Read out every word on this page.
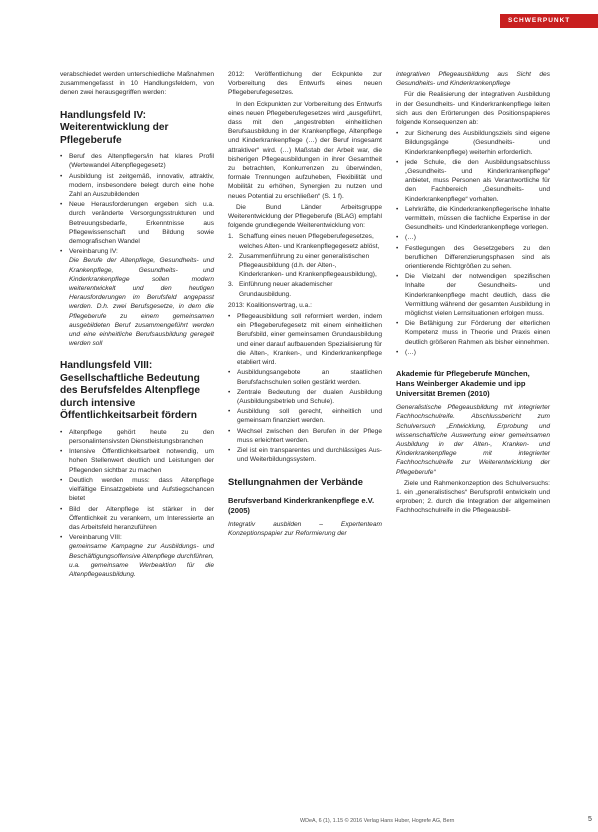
SCHWERPUNKT

verabschiedet werden unterschiedliche Maßnahmen zusammengefasst in 10 Handlungsfeldern, von denen zwei herausgegriffen werden:

Handlungsfeld IV: Weiterentwicklung der Pflegeberufe
• Beruf des Altenpflegers/in hat klares Profil (Wertewandel Altenpflegegesetz)
• Ausbildung ist zeitgemäß, innovativ, attraktiv, modern, insbesondere belegt durch eine hohe Zahl an Auszubildenden
• Neue Herausforderungen ergeben sich u.a. durch veränderte Versorgungsstrukturen und Betreuungsbedarfe, Erkenntnisse aus Pflegewissenschaft und Bildung sowie demografischen Wandel
• Vereinbarung IV:
Die Berufe der Altenpflege, Gesundheits- und Krankenpflege, Gesundheits- und Kinderkrankenpflege sollen modern weiterentwickelt und den heutigen Herausforderungen im Berufsfeld angepasst werden. D.h. zwei Berufsgesetze, in dem die Pflegeberufe zu einem gemeinsamen ausgebildeten Beruf zusammengeführt werden und eine einheitliche Berufsausbildung geregelt werden soll
Handlungsfeld VIII: Gesellschaftliche Bedeutung des Berufsfeldes Altenpflege durch intensive Öffentlichkeitsarbeit fördern
• Altenpflege gehört heute zu den personalintensivsten Dienstleistungsbranchen
• Intensive Öffentlichkeitsarbeit notwendig, um hohen Stellenwert deutlich und Leistungen der Pflegenden sichtbar zu machen
• Deutlich werden muss: dass Altenpflege vielfältige Einsatzgebiete und Aufstiegschancen bietet
• Bild der Altenpflege ist stärker in der Öffentlichkeit zu verankern, um Interessierte an das Arbeitsfeld heranzuführen
• Vereinbarung VIII:
gemeinsame Kampagne zur Ausbildungs- und Beschäftigungsoffensive Altenpflege durchführen, u.a. gemeinsame Werbeaktion für die Altenpflegeausbildung.

2012: Veröffentlichung der Eckpunkte zur Vorbereitung des Entwurfs eines neuen Pflegeberufegesetzes.

In den Eckpunkten zur Vorbereitung des Entwurfs eines neuen Pflegeberufegesetzes wird „ausgeführt, dass mit den „angestrebten einheitlichen Berufsausbildung in der Krankenpflege, Altenpflege und Kinderkrankenpflege (…) der Beruf insgesamt attraktiver“ wird. (…) Maßstab der Arbeit war, die bisherigen Pflegeausbildungen in ihrer Gesamtheit zu betrachten, Konkurrenzen zu überwinden, formale Trennungen aufzuheben, Flexibilität und Mobilität zu erhöhen, Synergien zu nutzen und neues Potential zu erschließen“ (S. 1 f).

Die Bund Länder Arbeitsgruppe Weiterentwicklung der Pflegeberufe (BLAG) empfahl folgende grundlegende Weiterentwicklung von:

1. Schaffung eines neuen Pflegeberufegesetzes, welches Alten- und Krankenpflegegesetz ablöst,
2. Zusammenführung zu einer generalistischen Pflegeausbildung (d.h. der Alten-, Kinderkranken- und Krankenpflegeausbildung),
3. Einführung neuer akademischer Grundausbildung.

2013: Koalitionsvertrag, u.a.:

• Pflegeausbildung soll reformiert werden, indem ein Pflegeberufegesetz mit einem einheitlichen Berufsbild, einer gemeinsamen Grundausbildung und einer darauf aufbauenden Spezialisierung für die Alten-, Kranken-, und Kinderkrankenpflege etabliert wird.
• Ausbildungsangebote an staatlichen Berufsfachschulen sollen gestärkt werden.
• Zentrale Bedeutung der dualen Ausbildung (Ausbildungsbetrieb und Schule).
• Ausbildung soll gerecht, einheitlich und gemeinsam finanziert werden.
• Wechsel zwischen den Berufen in der Pflege muss erleichtert werden.
• Ziel ist ein transparentes und durchlässiges Aus- und Weiterbildungssystem.
Stellungnahmen der Verbände
Berufsverband Kinderkrankenpflege e.V. (2005)

Integrativ ausbilden – Expertenteam Konzeptionspapier zur Reformierung der

integrativen Pflegeausbildung aus Sicht des Gesundheits- und Kinderkrankenpflege

Für die Realisierung der integrativen Ausbildung in der Gesundheits- und Kinderkrankenpflege leiten sich aus den Erörterungen des Positionspapieres folgende Konsequenzen ab:

• zur Sicherung des Ausbildungsziels sind eigene Bildungsgänge (Gesundheits- und Kinderkrankenpflege) weiterhin erforderlich.
• jede Schule, die den Ausbildungsabschluss „Gesundheits- und Kinderkrankenpflege“ anbietet, muss Personen als Verantwortliche für den Fachbereich „Gesundheits- und Kinderkrankenpflege“ vorhalten.
• Lehrkräfte, die Kinderkrankenpflegerische Inhalte vermitteln, müssen die fachliche Expertise in der Gesundheits- und Kinderkrankenpflege vorlegen.
• (…)
• Festlegungen des Gesetzgebers zu den beruflichen Differenzierungsphasen sind als orientierende Richtgrößen zu sehen.
• Die Vielzahl der notwendigen spezifischen Inhalte der Gesundheits- und Kinderkrankenpflege macht deutlich, dass die Vermittlung während der gesamten Ausbildung in möglichst vielen Lernsituationen erfolgen muss.
• Die Befähigung zur Förderung der elterlichen Kompetenz muss in Theorie und Praxis einen deutlich größeren Rahmen als bisher einnehmen.
• (…)
Akademie für Pflegeberufe München, Hans Weinberger Akademie und ipp Universität Bremen (2010)

Generalistische Pflegeausbildung mit integrierter Fachhochschulreife. Abschlussbericht zum Schulversuch „Entwicklung, Erprobung und wissenschaftliche Auswertung einer gemeinsamen Ausbildung in der Alten-, Kranken- und Kinderkrankenpflege mit integrierter Fachhochschulreife zur Weiterentwicklung der Pflegeberufe“

Ziele und Rahmenkonzeption des Schulversuchs: 1. ein „generalistisches“ Berufsprofil entwickeln und erproben; 2. durch die Integration der allgemeinen Fachhochschulreife in die Pflegeausbil-

WDeA, 6 (1), 1.15 © 2016 Verlag Hans Huber, Hogrefe AG, Bern	5
